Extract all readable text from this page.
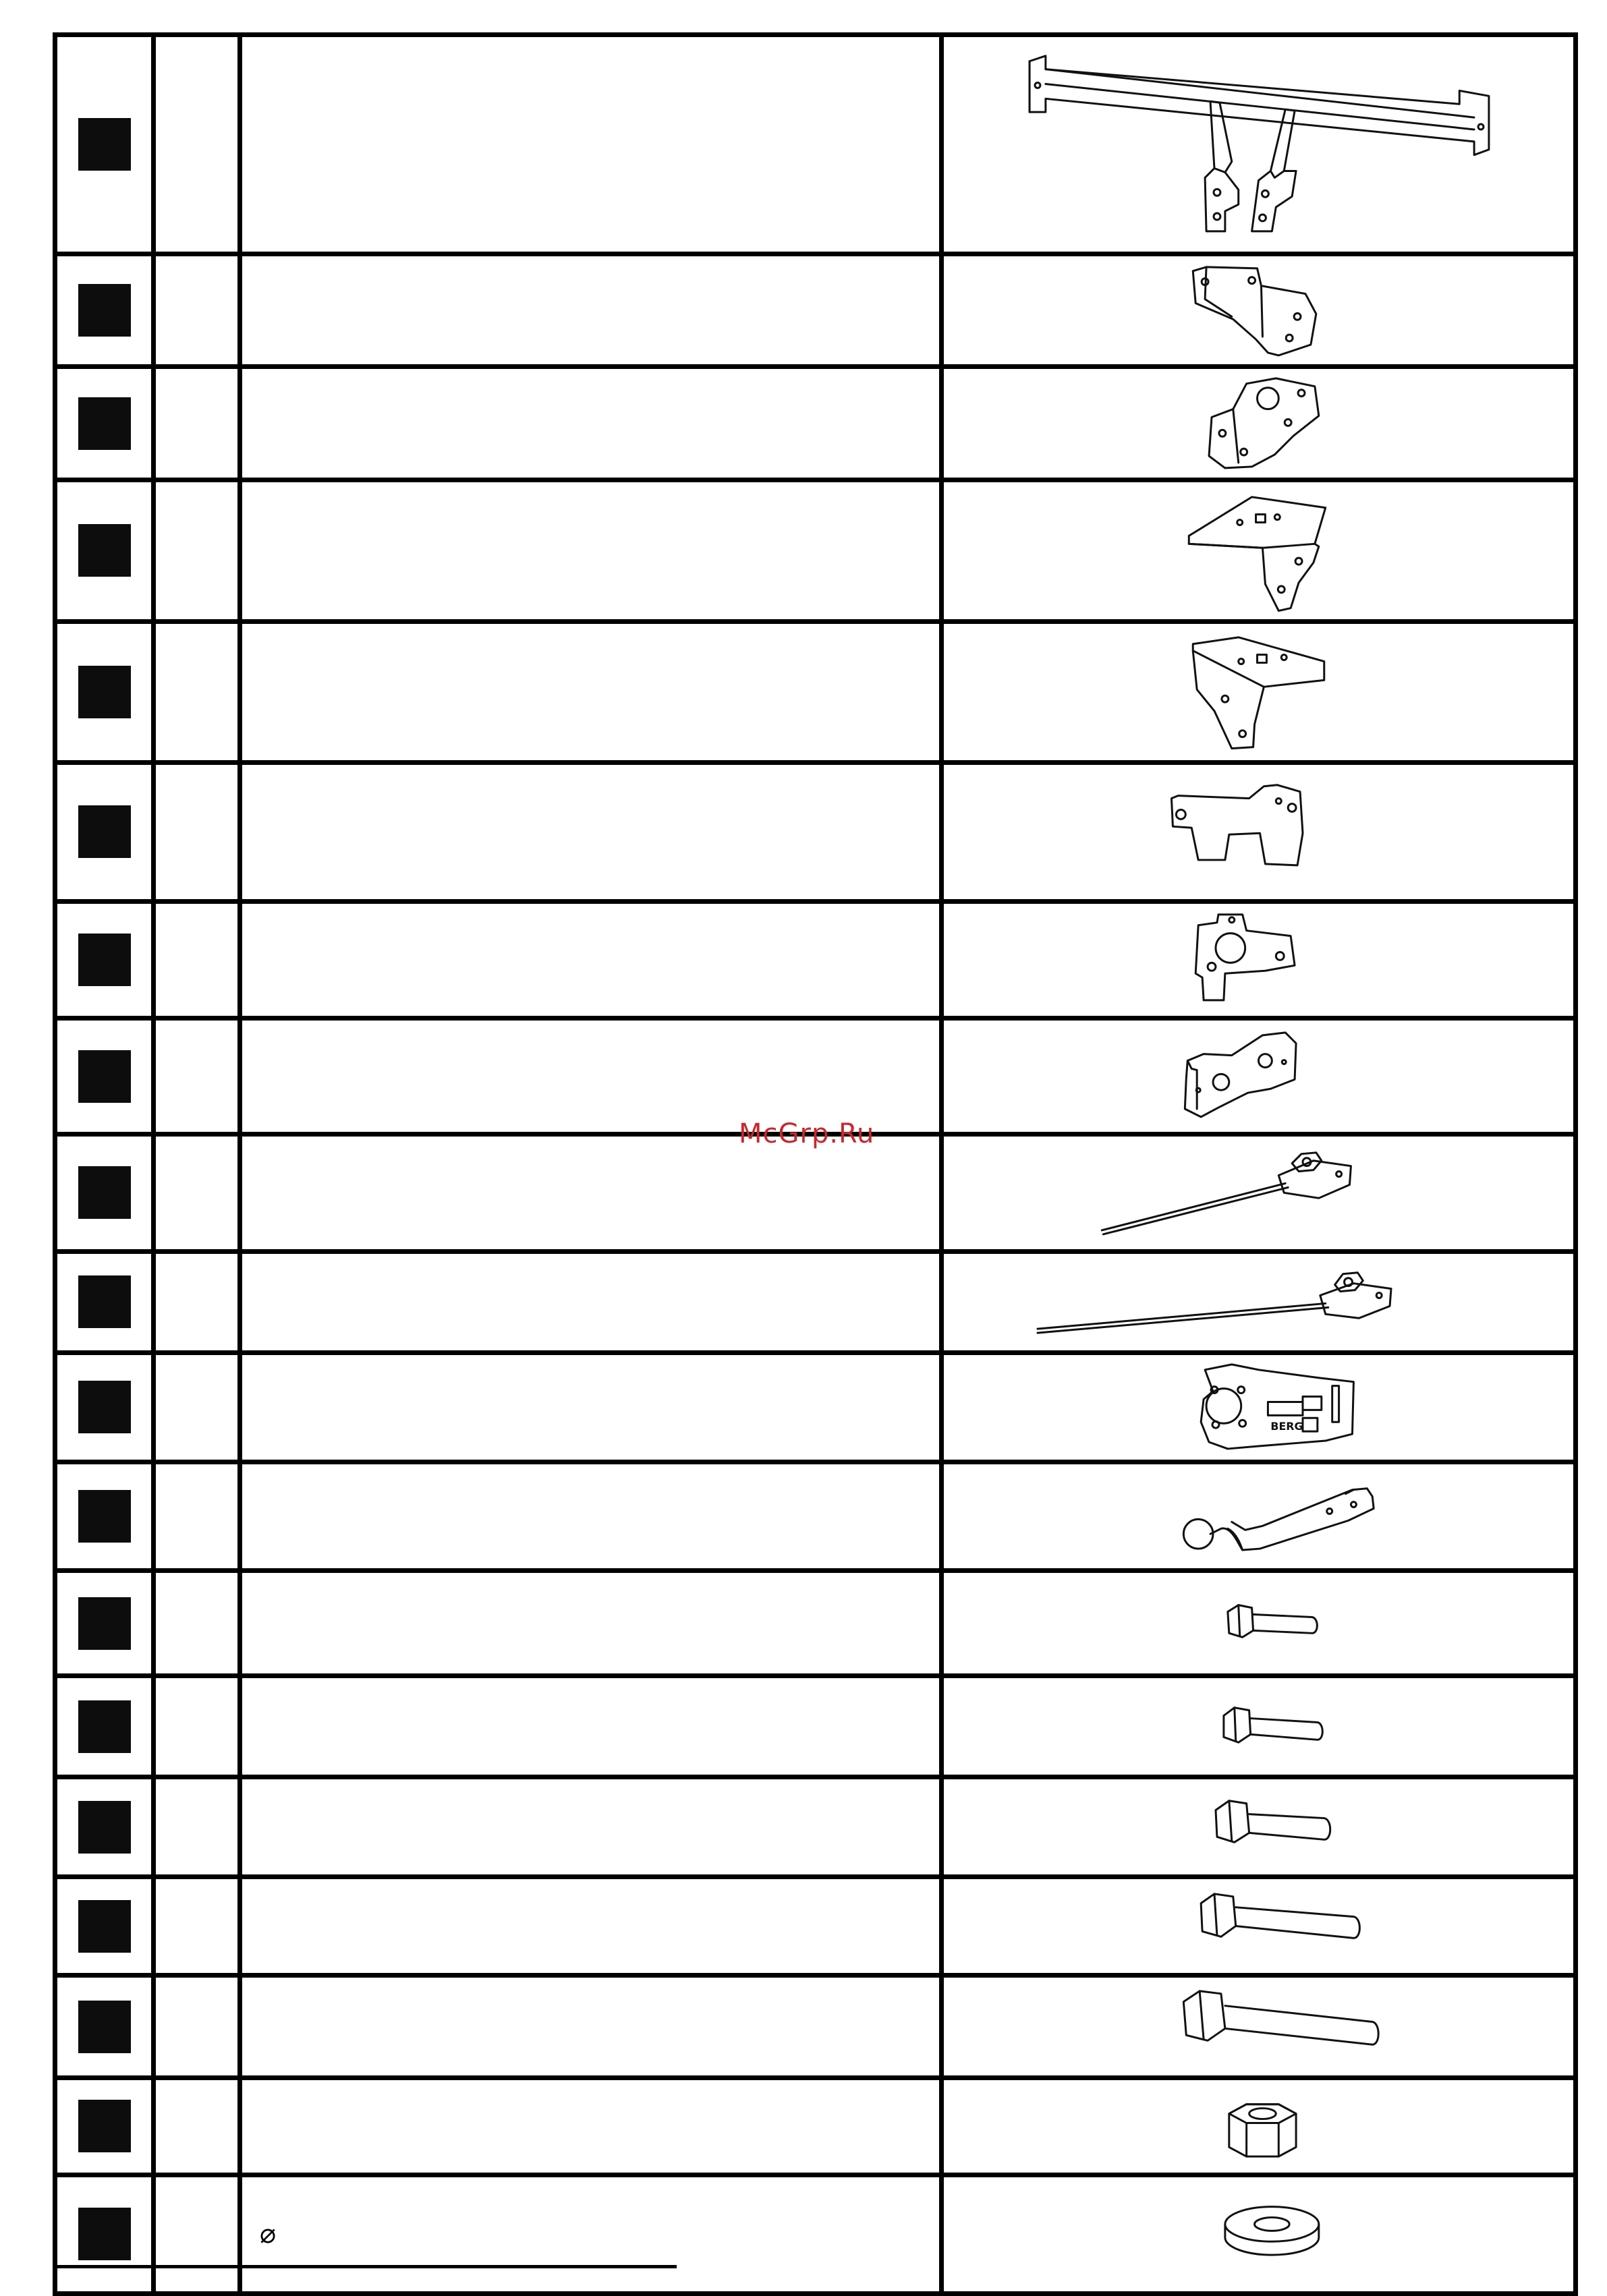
BERG

		⌀	
McGrp.Ru
